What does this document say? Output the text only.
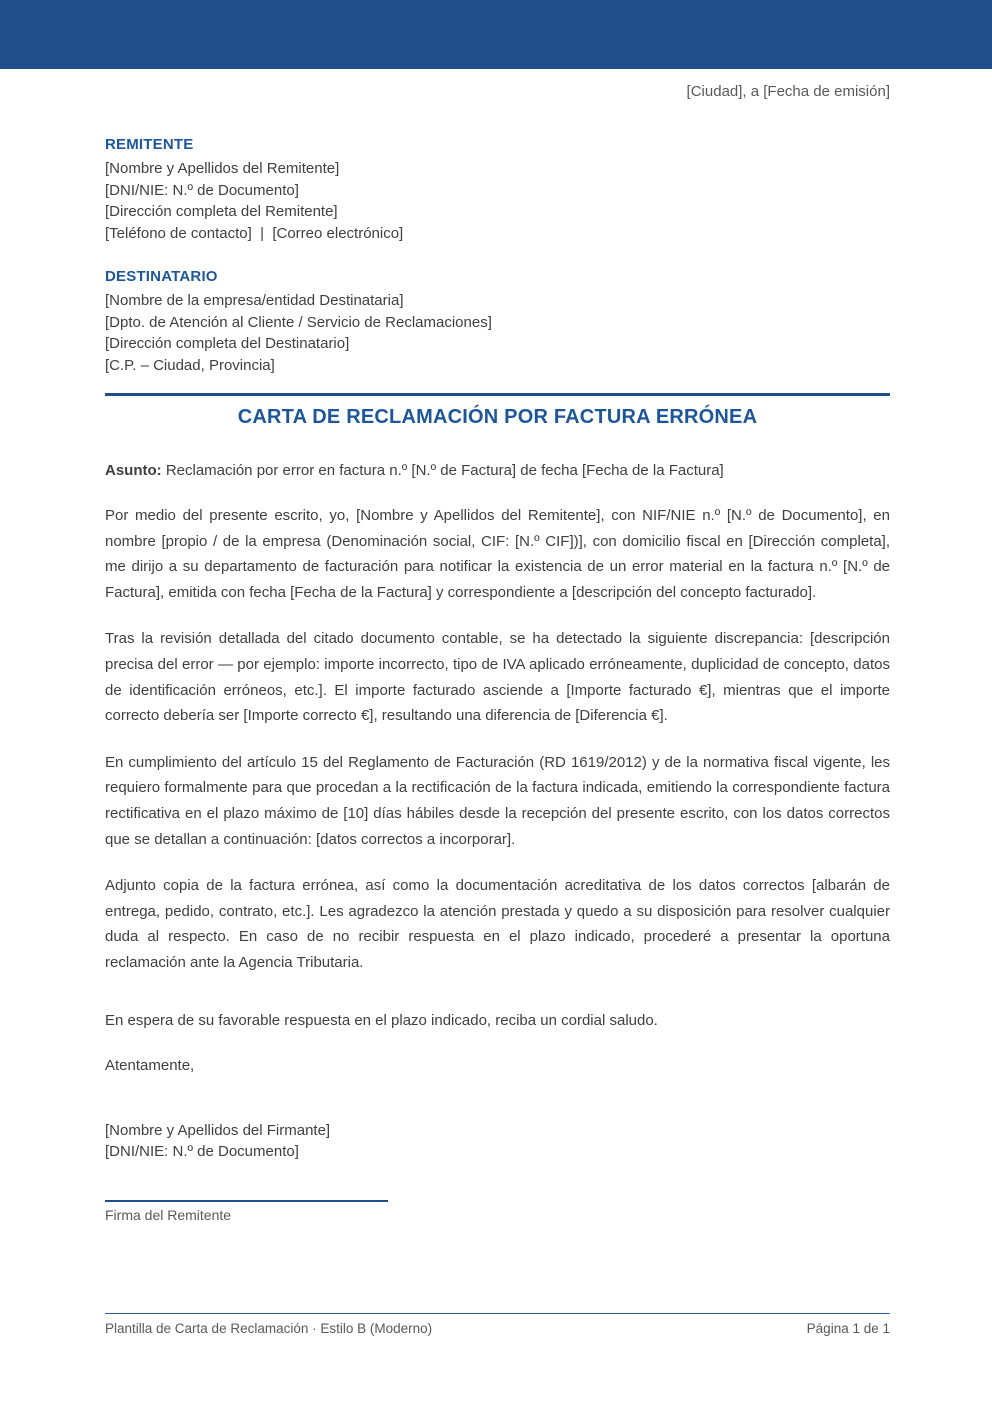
[Ciudad], a [Fecha de emisión]
REMITENTE
[Nombre y Apellidos del Remitente]
[DNI/NIE: N.º de Documento]
[Dirección completa del Remitente]
[Teléfono de contacto]  |  [Correo electrónico]
DESTINATARIO
[Nombre de la empresa/entidad Destinataria]
[Dpto. de Atención al Cliente / Servicio de Reclamaciones]
[Dirección completa del Destinatario]
[C.P. – Ciudad, Provincia]
CARTA DE RECLAMACIÓN POR FACTURA ERRÓNEA

Asunto: Reclamación por error en factura n.º [N.º de Factura] de fecha [Fecha de la Factura]

Por medio del presente escrito, yo, [Nombre y Apellidos del Remitente], con NIF/NIE n.º [N.º de Documento], en nombre [propio / de la empresa (Denominación social, CIF: [N.º CIF])], con domicilio fiscal en [Dirección completa], me dirijo a su departamento de facturación para notificar la existencia de un error material en la factura n.º [N.º de Factura], emitida con fecha [Fecha de la Factura] y correspondiente a [descripción del concepto facturado].

Tras la revisión detallada del citado documento contable, se ha detectado la siguiente discrepancia: [descripción precisa del error — por ejemplo: importe incorrecto, tipo de IVA aplicado erróneamente, duplicidad de concepto, datos de identificación erróneos, etc.]. El importe facturado asciende a [Importe facturado €], mientras que el importe correcto debería ser [Importe correcto €], resultando una diferencia de [Diferencia €].

En cumplimiento del artículo 15 del Reglamento de Facturación (RD 1619/2012) y de la normativa fiscal vigente, les requiero formalmente para que procedan a la rectificación de la factura indicada, emitiendo la correspondiente factura rectificativa en el plazo máximo de [10] días hábiles desde la recepción del presente escrito, con los datos correctos que se detallan a continuación: [datos correctos a incorporar].

Adjunto copia de la factura errónea, así como la documentación acreditativa de los datos correctos [albarán de entrega, pedido, contrato, etc.]. Les agradezco la atención prestada y quedo a su disposición para resolver cualquier duda al respecto. En caso de no recibir respuesta en el plazo indicado, procederé a presentar la oportuna reclamación ante la Agencia Tributaria.

En espera de su favorable respuesta en el plazo indicado, reciba un cordial saludo.

Atentamente,

[Nombre y Apellidos del Firmante]
[DNI/NIE: N.º de Documento]
Firma del Remitente
Plantilla de Carta de Reclamación · Estilo B (Moderno)	Página 1 de 1
